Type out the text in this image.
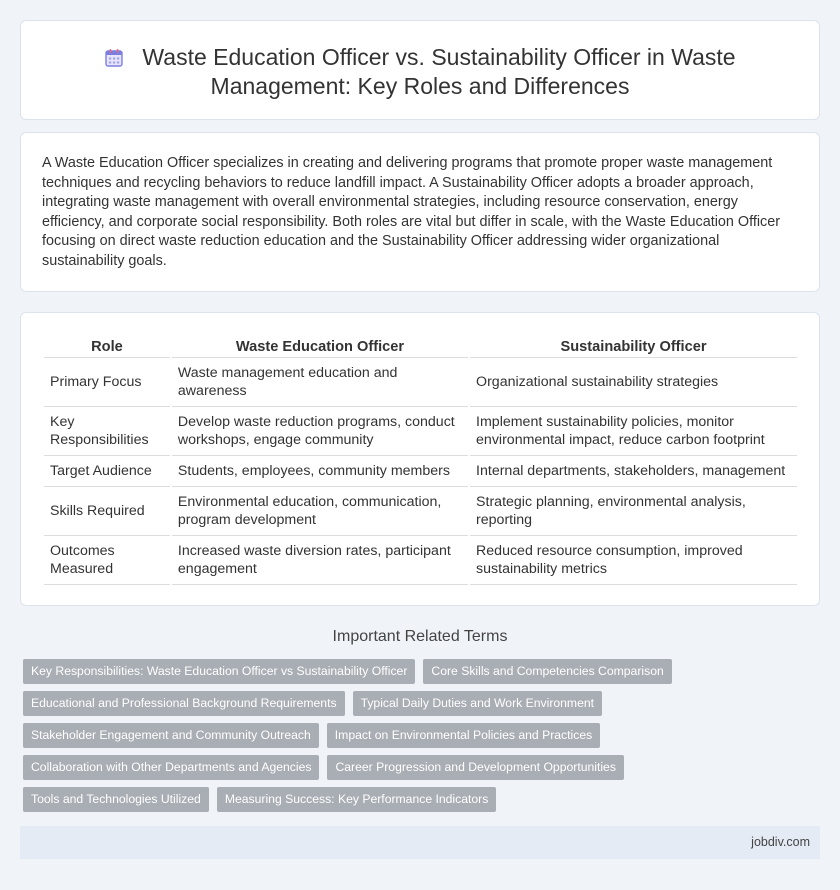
Waste Education Officer vs. Sustainability Officer in Waste Management: Key Roles and Differences

A Waste Education Officer specializes in creating and delivering programs that promote proper waste management techniques and recycling behaviors to reduce landfill impact. A Sustainability Officer adopts a broader approach, integrating waste management with overall environmental strategies, including resource conservation, energy efficiency, and corporate social responsibility. Both roles are vital but differ in scale, with the Waste Education Officer focusing on direct waste reduction education and the Sustainability Officer addressing wider organizational sustainability goals.

Role	Waste Education Officer	Sustainability Officer
Primary Focus	Waste management education and awareness	Organizational sustainability strategies
Key Responsibilities	Develop waste reduction programs, conduct workshops, engage community	Implement sustainability policies, monitor environmental impact, reduce carbon footprint
Target Audience	Students, employees, community members	Internal departments, stakeholders, management
Skills Required	Environmental education, communication, program development	Strategic planning, environmental analysis, reporting
Outcomes Measured	Increased waste diversion rates, participant engagement	Reduced resource consumption, improved sustainability metrics
Important Related Terms
Key Responsibilities: Waste Education Officer vs Sustainability Officer	Core Skills and Competencies Comparison
Educational and Professional Background Requirements	Typical Daily Duties and Work Environment
Stakeholder Engagement and Community Outreach	Impact on Environmental Policies and Practices
Collaboration with Other Departments and Agencies	Career Progression and Development Opportunities
Tools and Technologies Utilized	Measuring Success: Key Performance Indicators
jobdiv.com
